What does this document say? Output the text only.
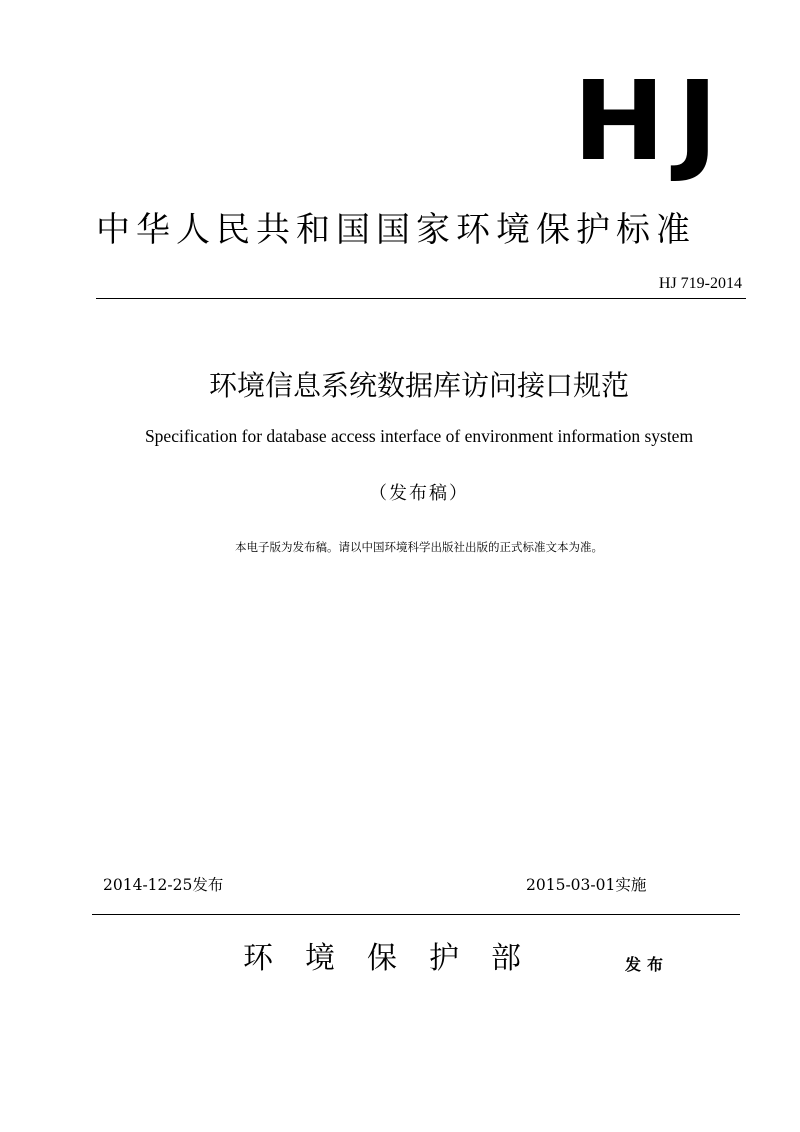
HJ
中华人民共和国国家环境保护标准
HJ 719-2014
环境信息系统数据库访问接口规范
Specification for database access interface of environment information system
（发布稿）
本电子版为发布稿。请以中国环境科学出版社出版的正式标准文本为准。
2014-12-25发布	2015-03-01实施
环境保护部	发布
